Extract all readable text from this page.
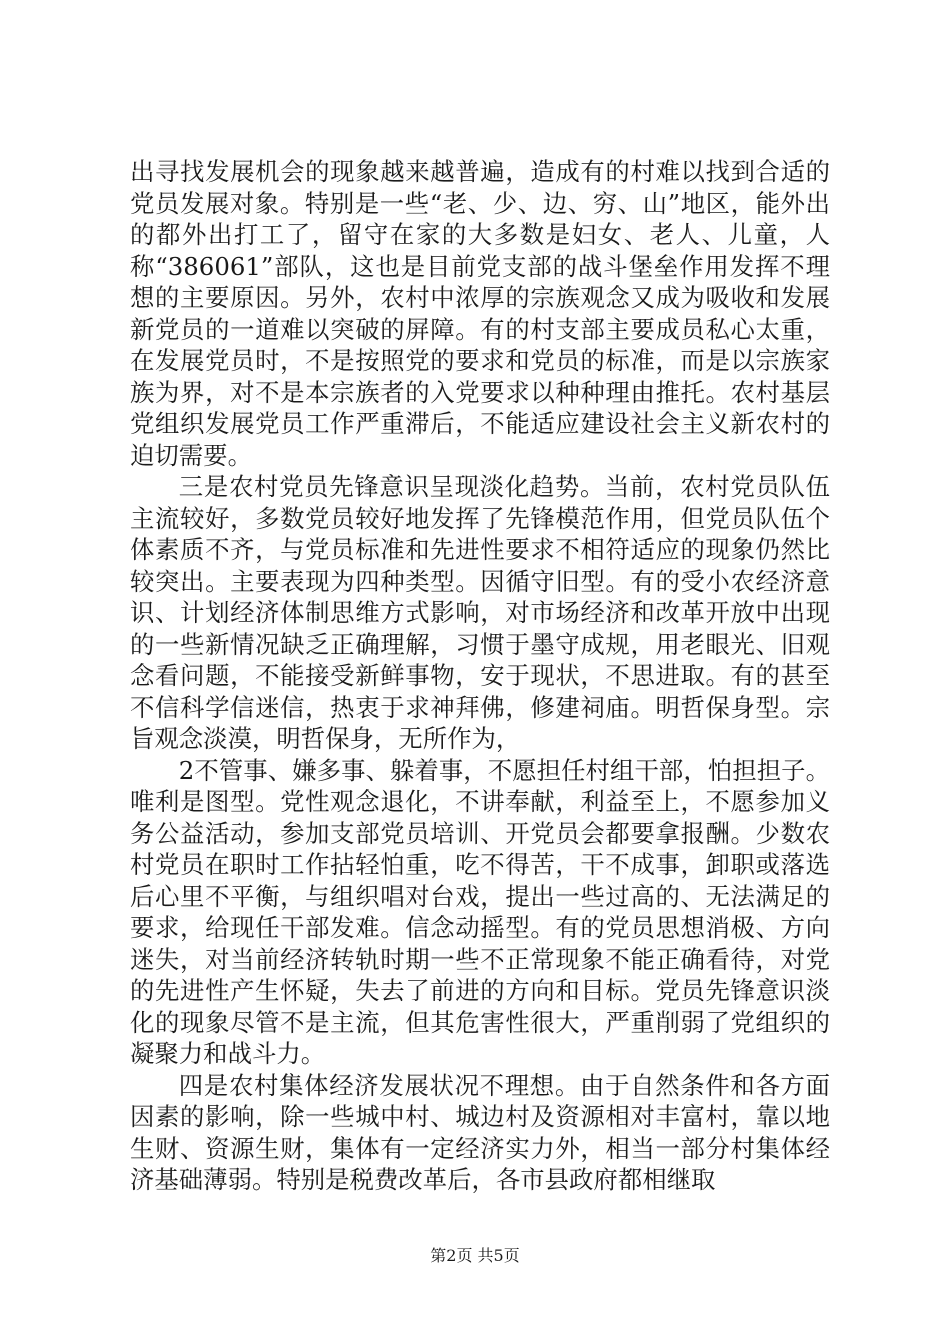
出寻找发展机会的现象越来越普遍，造成有的村难以找到合适的党员发展对象。特别是一些“老、少、边、穷、山”地区，能外出的都外出打工了，留守在家的大多数是妇女、老人、儿童，人称“386061”部队，这也是目前党支部的战斗堡垒作用发挥不理想的主要原因。另外，农村中浓厚的宗族观念又成为吸收和发展新党员的一道难以突破的屏障。有的村支部主要成员私心太重，在发展党员时，不是按照党的要求和党员的标准，而是以宗族家族为界，对不是本宗族者的入党要求以种种理由推托。农村基层党组织发展党员工作严重滞后，不能适应建设社会主义新农村的迫切需要。

三是农村党员先锋意识呈现淡化趋势。当前，农村党员队伍主流较好，多数党员较好地发挥了先锋模范作用，但党员队伍个体素质不齐，与党员标准和先进性要求不相符适应的现象仍然比较突出。主要表现为四种类型。因循守旧型。有的受小农经济意识、计划经济体制思维方式影响，对市场经济和改革开放中出现的一些新情况缺乏正确理解，习惯于墨守成规，用老眼光、旧观念看问题，不能接受新鲜事物，安于现状，不思进取。有的甚至不信科学信迷信，热衷于求神拜佛，修建祠庙。明哲保身型。宗旨观念淡漠，明哲保身，无所作为，

2不管事、嫌多事、躲着事，不愿担任村组干部，怕担担子。唯利是图型。党性观念退化，不讲奉献，利益至上，不愿参加义务公益活动，参加支部党员培训、开党员会都要拿报酬。少数农村党员在职时工作拈轻怕重，吃不得苦，干不成事，卸职或落选后心里不平衡，与组织唱对台戏，提出一些过高的、无法满足的要求，给现任干部发难。信念动摇型。有的党员思想消极、方向迷失，对当前经济转轨时期一些不正常现象不能正确看待，对党的先进性产生怀疑，失去了前进的方向和目标。党员先锋意识淡化的现象尽管不是主流，但其危害性很大，严重削弱了党组织的凝聚力和战斗力。

四是农村集体经济发展状况不理想。由于自然条件和各方面因素的影响，除一些城中村、城边村及资源相对丰富村，靠以地生财、资源生财，集体有一定经济实力外，相当一部分村集体经济基础薄弱。特别是税费改革后，各市县政府都相继取

第2页 共5页
